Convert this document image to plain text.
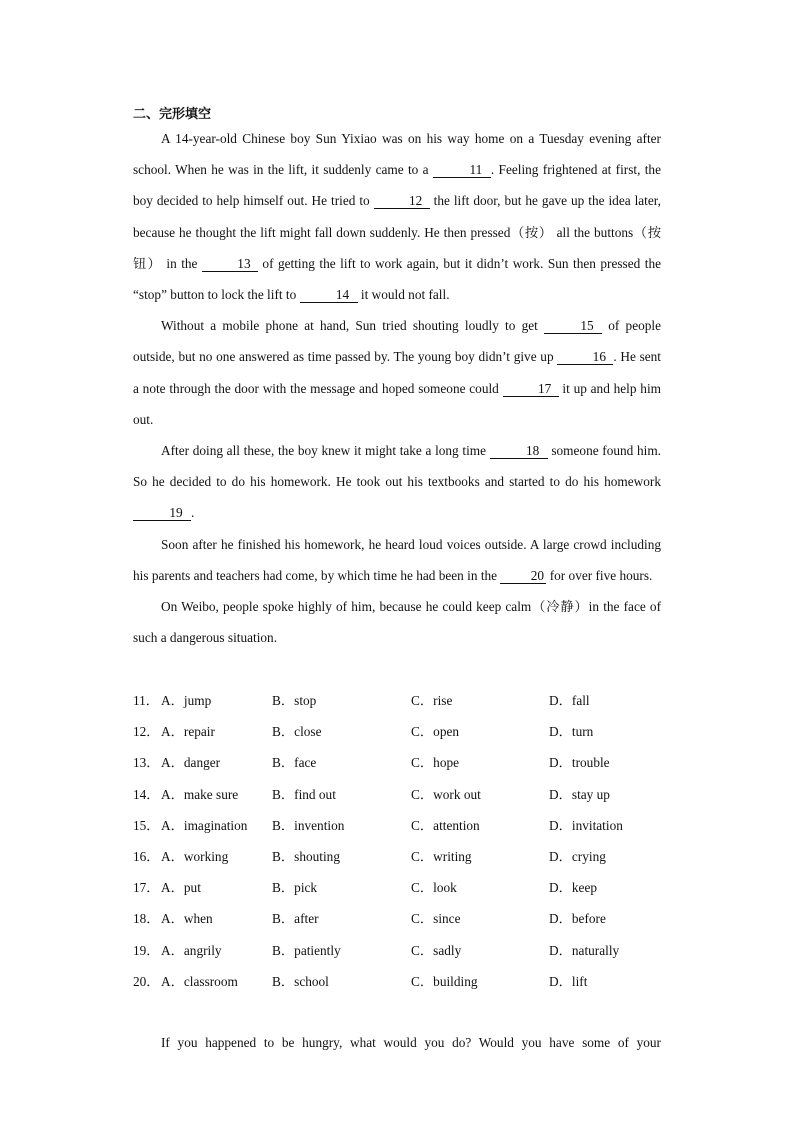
二、完形填空

A 14-year-old Chinese boy Sun Yixiao was on his way home on a Tuesday evening after school. When he was in the lift, it suddenly came to a	11 . Feeling frightened at first, the boy decided to help himself out. He tried to	12 the lift door, but he gave up the idea later, because he thought the lift might fall down suddenly. He then pressed（按） all the buttons（按钮） in the	13 of getting the lift to work again, but it didn’t work. Sun then pressed the “stop” button to lock the lift to	14 it would not fall.

Without a mobile phone at hand, Sun tried shouting loudly to get	15 of people outside, but no one answered as time passed by. The young boy didn’t give up	16 . He sent a note through the door with the message and hoped someone could	17 it up and help him out.

After doing all these, the boy knew it might take a long time	18 someone found him. So he decided to do his homework. He took out his textbooks and started to do his homework 19 .

Soon after he finished his homework, he heard loud voices outside. A large crowd including his parents and teachers had come, by which time he had been in the 20 for over five hours.

On Weibo, people spoke highly of him, because he could keep calm（冷静）in the face of such a dangerous situation.

11． A．jump	B．stop	C．rise	D．fall
12． A．repair	B．close	C．open	D．turn
13． A．danger	B．face	C．hope	D．trouble
14． A．make sure	B．find out	C．work out	D．stay up
15． A．imagination B．invention	C．attention	D．invitation
16． A．working	B．shouting	C．writing	D．crying
17． A．put	B．pick	C．look	D．keep
18． A．when	B．after	C．since	D．before
19． A．angrily	B．patiently	C．sadly	D．naturally
20． A．classroom	B．school	C．building	D．lift
If you happened to be hungry, what would you do? Would you have some of your
